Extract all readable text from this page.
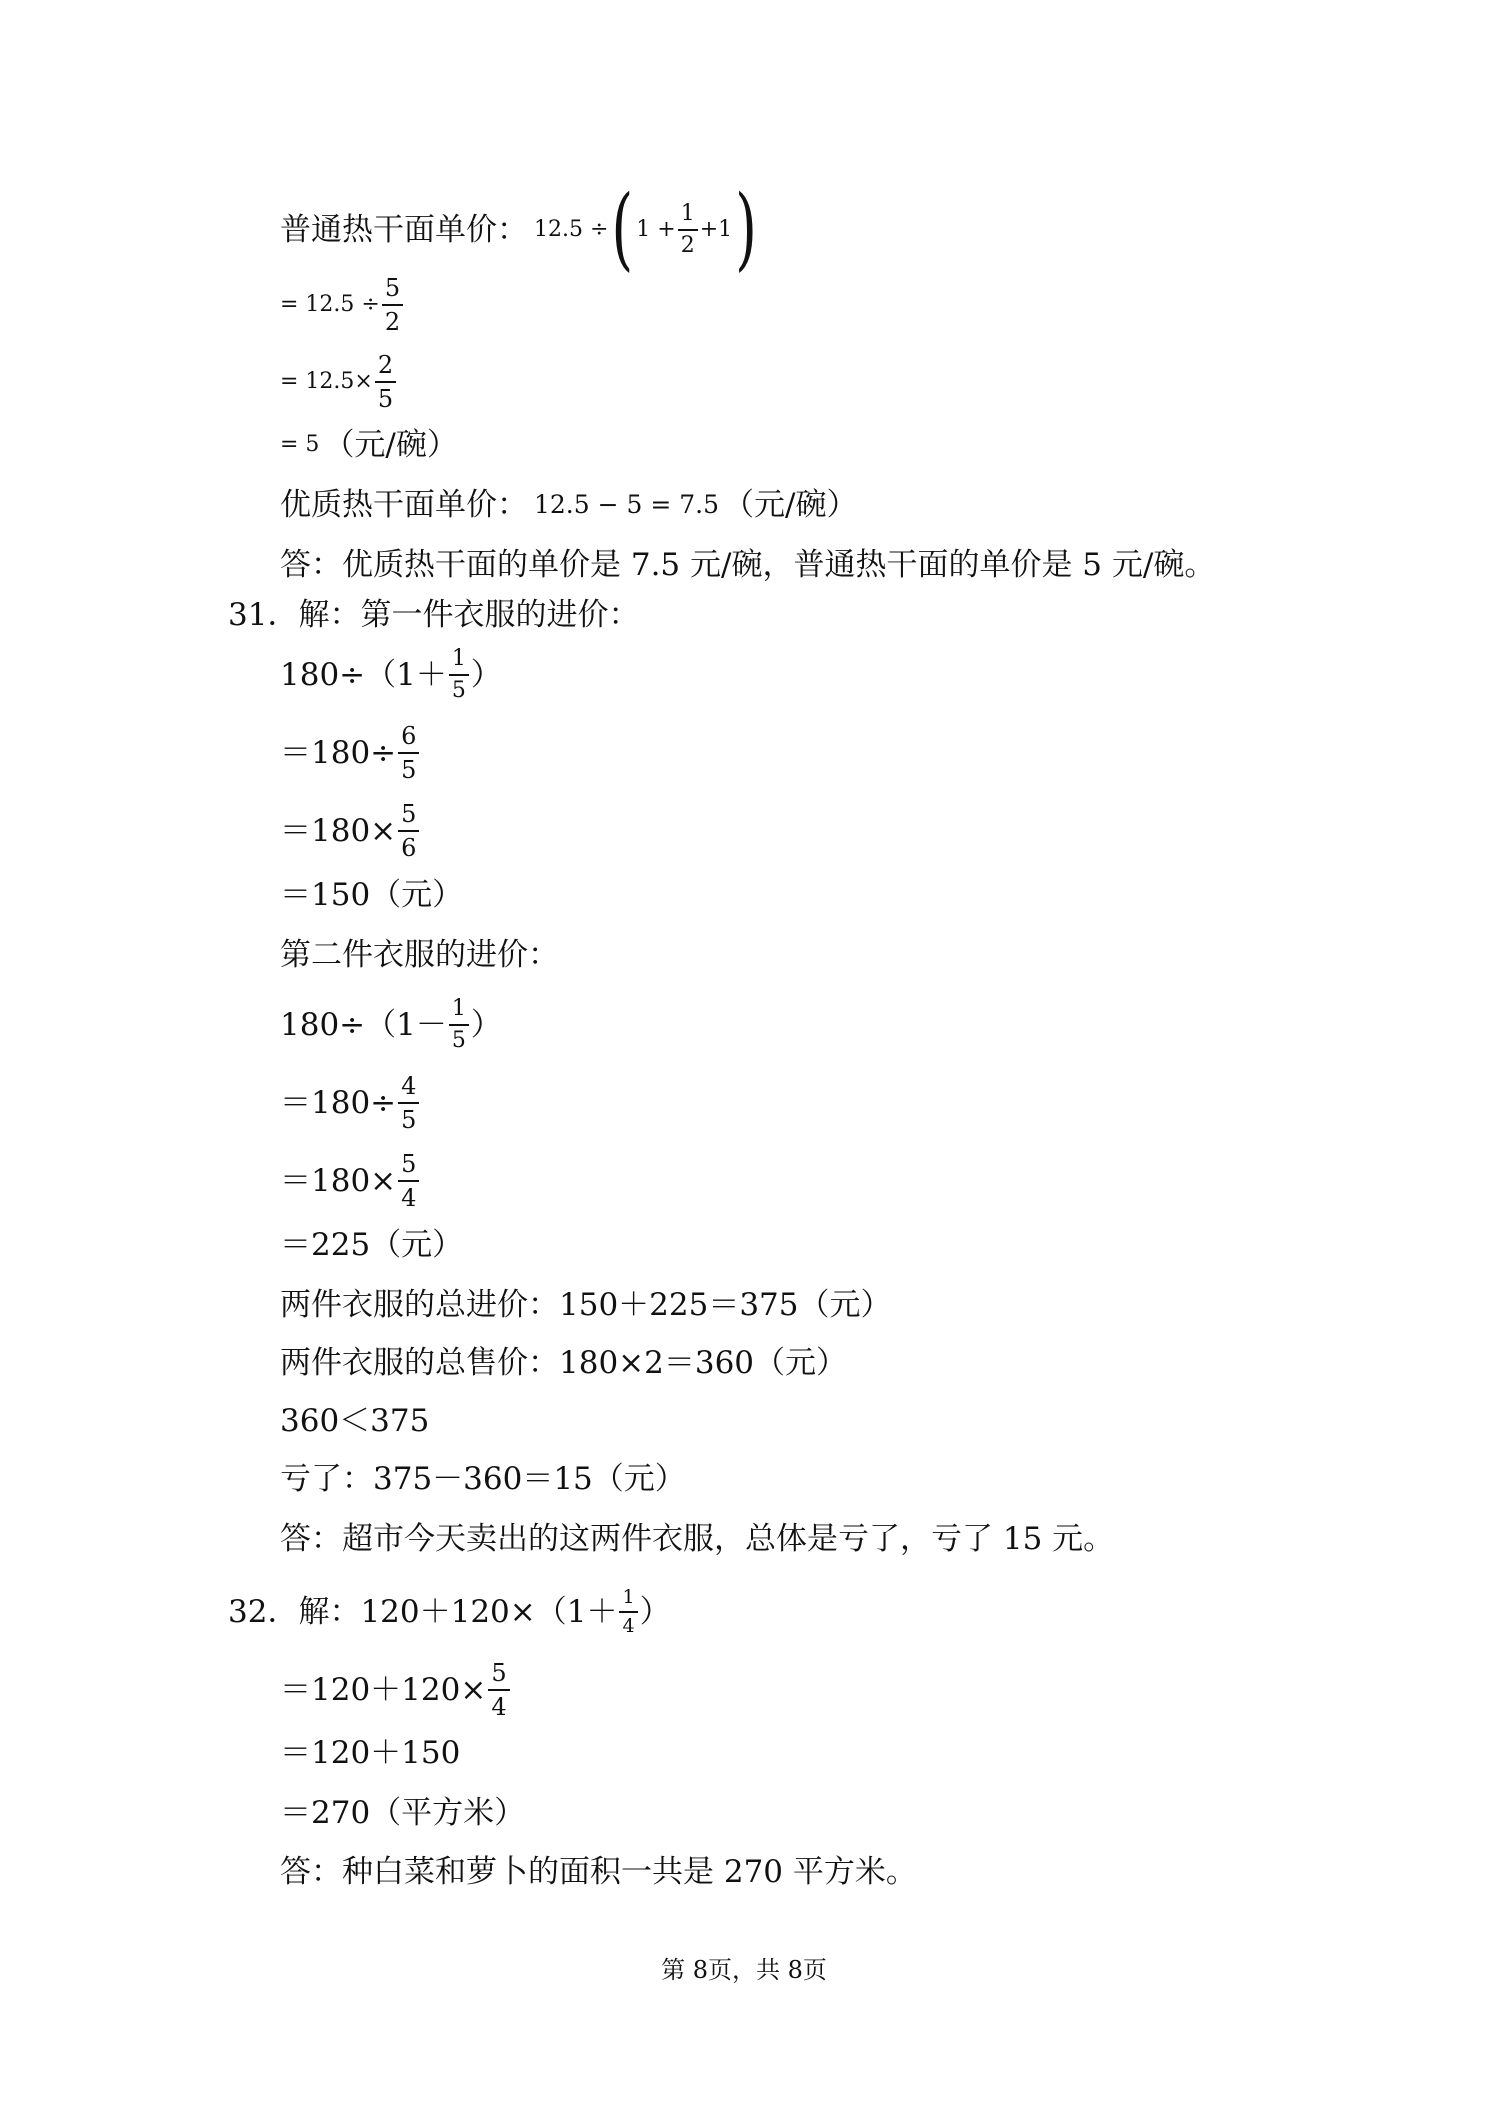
普通热干面单价： 12.5 ÷ ( $1 + \frac{1}{2} +1$ )
= $12.5 \div \frac{5}{2}$
= $12.5\times \frac{2}{5}$
= 5 （元/碗）
优质热干面单价： 12.5 − 5 = 7.5 （元/碗）
答：优质热干面的单价是 7.5 元/碗，普通热干面的单价是 5 元/碗。
31．解：第一件衣服的进价：
$180\div(1+ \frac{1}{5}$ ）
$=180\div \frac{6}{5}$
$=180\times \frac{5}{6}$
＝150（元）
第二件衣服的进价：
$180\div(1- \frac{1}{5}$ ）
$=180\div \frac{4}{5}$
$=180\times \frac{5}{4}$
＝225（元）
两件衣服的总进价：150＋225＝375（元）
两件衣服的总售价：180×2＝360（元）
360＜375
亏了：375－360＝15（元）
答：超市今天卖出的这两件衣服，总体是亏了，亏了 15 元。
32．解：$120+120\times(1+ \frac{1}{4}$ ）
$=120+120\times \frac{5}{4}$
＝120＋150
＝270（平方米）
答：种白菜和萝卜的面积一共是 270 平方米。
第 8页，共 8页
